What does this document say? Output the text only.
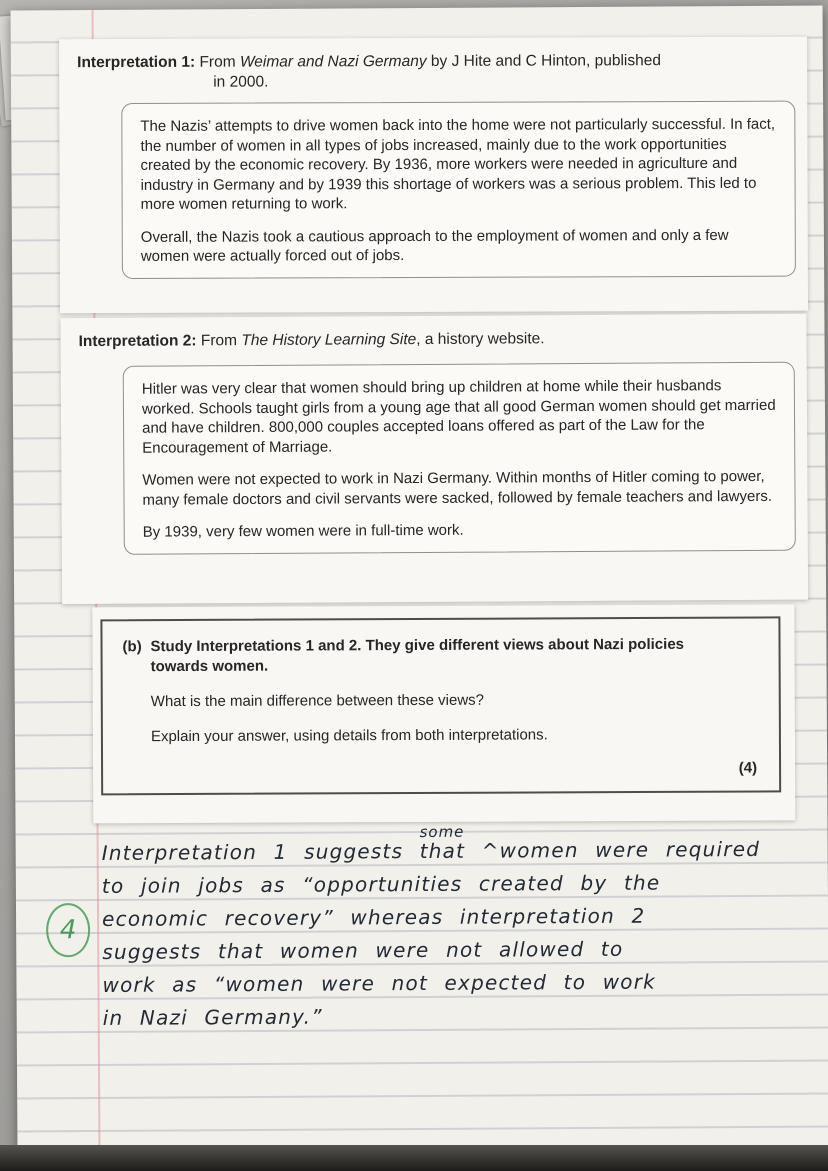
Interpretation 1: From Weimar and Nazi Germany by J Hite and C Hinton, published
in 2000.

The Nazis’ attempts to drive women back into the home were not particularly successful. In fact, the number of women in all types of jobs increased, mainly due to the work opportunities created by the economic recovery. By 1936, more workers were needed in agriculture and industry in Germany and by 1939 this shortage of workers was a serious problem. This led to more women returning to work.

Overall, the Nazis took a cautious approach to the employment of women and only a few women were actually forced out of jobs.

Interpretation 2: From The History Learning Site, a history website.

Hitler was very clear that women should bring up children at home while their husbands worked. Schools taught girls from a young age that all good German women should get married and have children. 800,000 couples accepted loans offered as part of the Law for the Encouragement of Marriage.

Women were not expected to work in Nazi Germany. Within months of Hitler coming to power, many female doctors and civil servants were sacked, followed by female teachers and lawyers.

By 1939, very few women were in full-time work.

(b) Study Interpretations 1 and 2. They give different views about Nazi policies towards women.
What is the main difference between these views?
Explain your answer, using details from both interpretations.
(4)
some
Interpretation 1 suggests that ^women were required
to join jobs as “opportunities created by the
economic recovery” whereas interpretation 2
suggests that women were not allowed to
work as “women were not expected to work
in Nazi Germany.”
4
